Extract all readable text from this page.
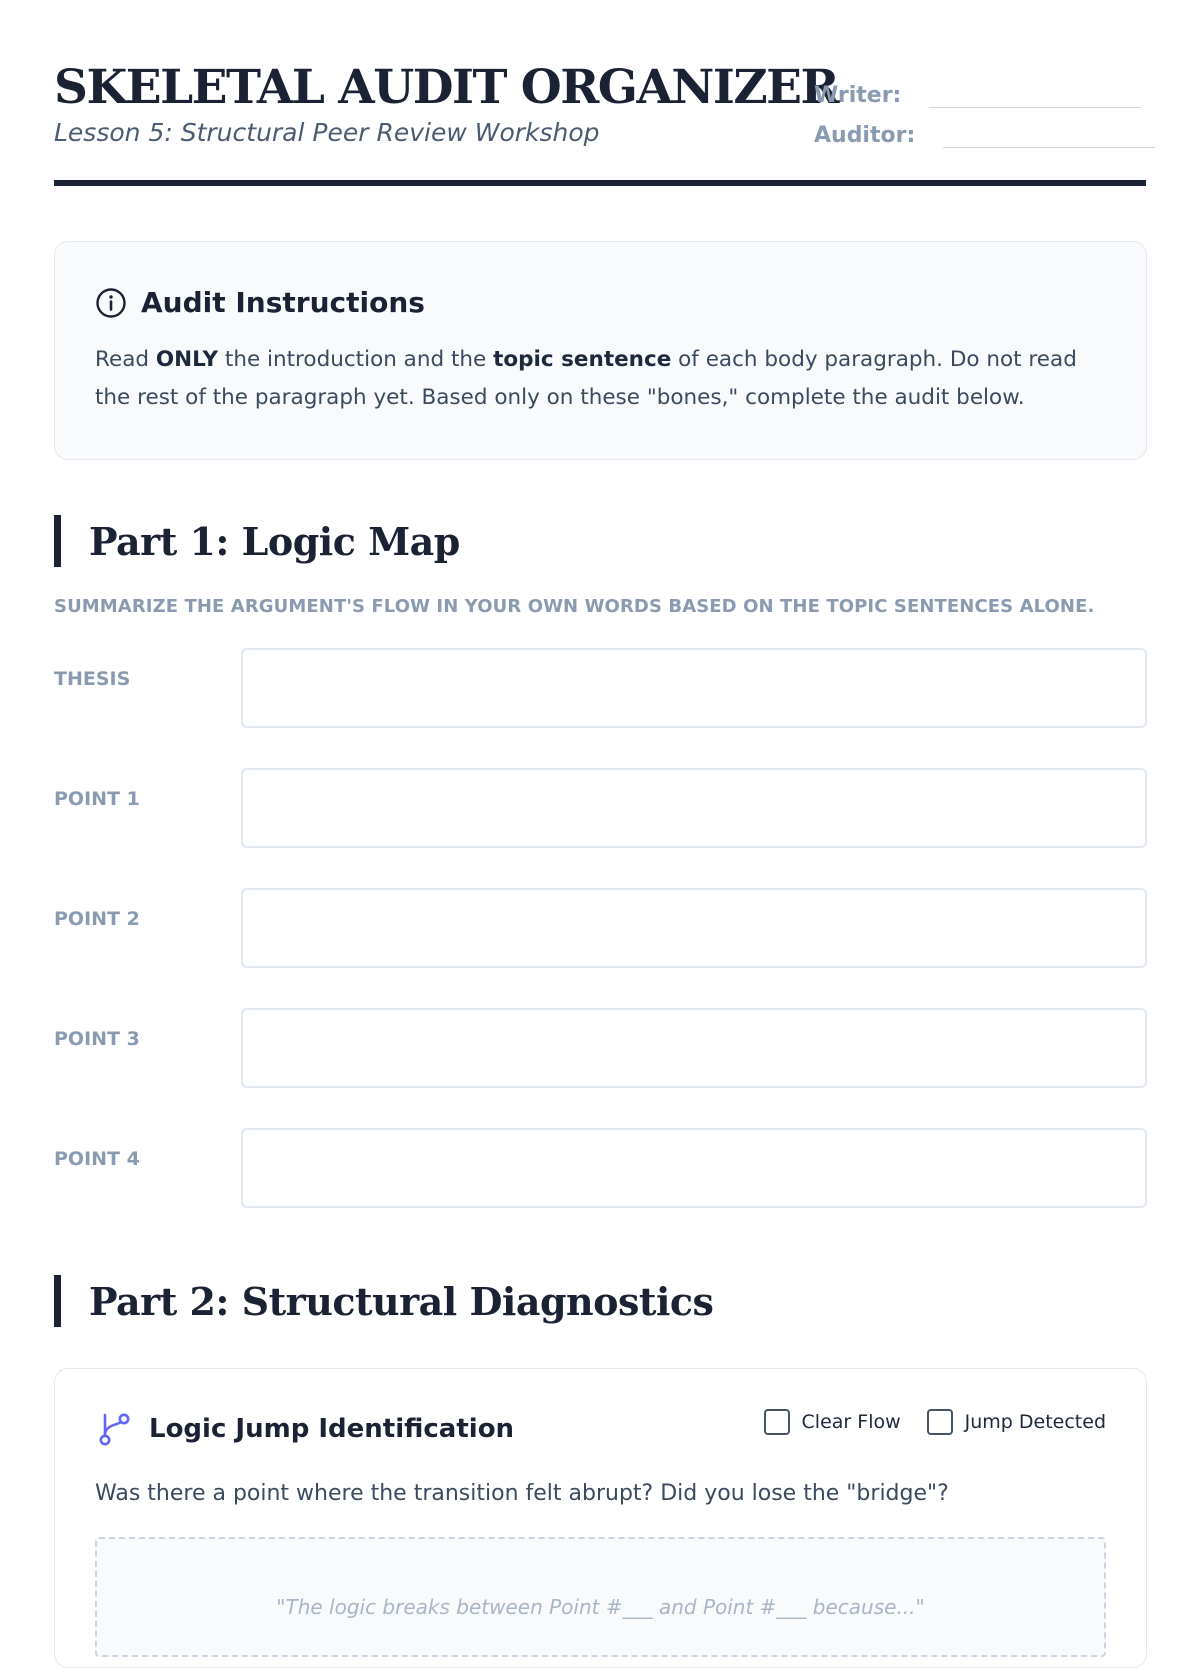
SKELETAL AUDIT ORGANIZER
Lesson 5: Structural Peer Review Workshop
Writer:
Auditor:
Audit Instructions
Read ONLY the introduction and the topic sentence of each body paragraph. Do not read the rest of the paragraph yet. Based only on these "bones," complete the audit below.
Part 1: Logic Map
SUMMARIZE THE ARGUMENT'S FLOW IN YOUR OWN WORDS BASED ON THE TOPIC SENTENCES ALONE.
THESIS
POINT 1
POINT 2
POINT 3
POINT 4
Part 2: Structural Diagnostics
Logic Jump Identification	Clear Flow	Jump Detected
Was there a point where the transition felt abrupt? Did you lose the "bridge"?
"The logic breaks between Point #___ and Point #___ because..."
